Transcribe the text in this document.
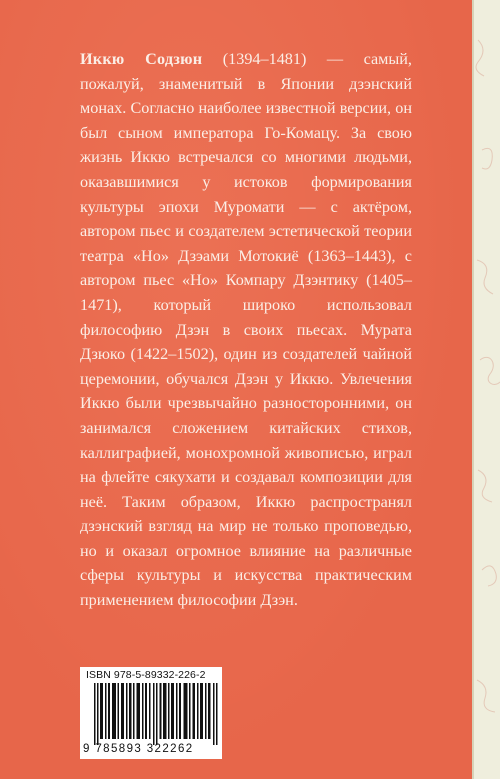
Иккю Содзюн (1394–1481) — самый, пожалуй, знаменитый в Японии дзэнский монах. Согласно наиболее известной версии, он был сыном императора Го-Комацу. За свою жизнь Иккю встречался со многими людьми, оказавшимися у истоков формирования культуры эпохи Муромати — с актёром, автором пьес и создателем эстетической теории театра «Но» Дзэами Мотокиё (1363–1443), с автором пьес «Но» Компару Дзэнтику (1405–1471), который широко использовал философию Дзэн в своих пьесах. Мурата Дзюко (1422–1502), один из создателей чайной церемонии, обучался Дзэн у Иккю. Увлечения Иккю были чрезвычайно разносторонними, он занимался сложением китайских стихов, каллиграфией, монохромной живописью, играл на флейте сякухати и создавал композиции для неё. Таким образом, Иккю распространял дзэнский взгляд на мир не только проповедью, но и оказал огромное влияние на различные сферы культуры и искусства практическим применением философии Дзэн.

ISBN 978-5-89332-226-2
9 785893 322262
